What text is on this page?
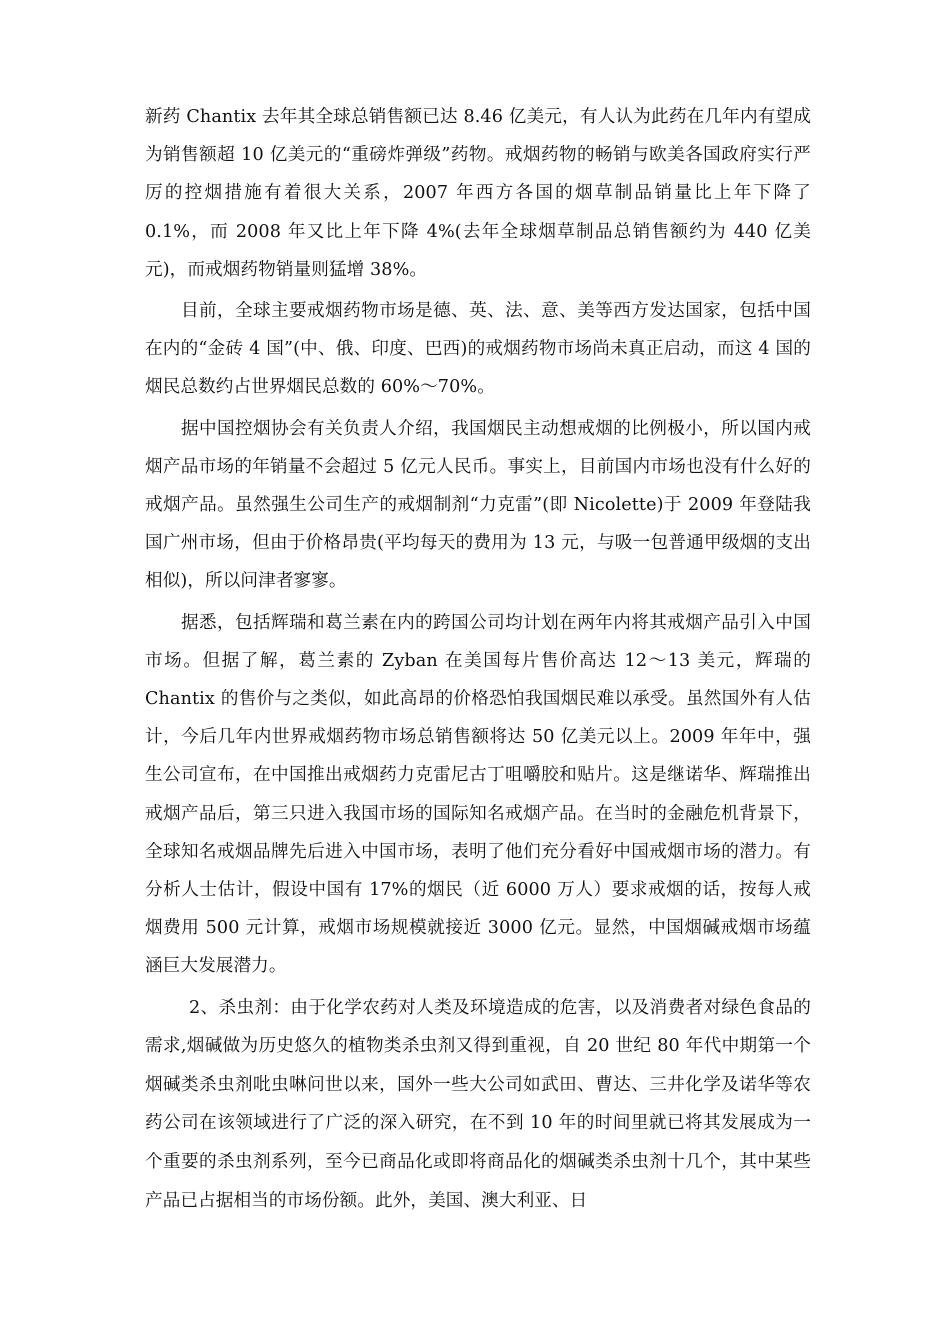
新药 Chantix 去年其全球总销售额已达 8.46 亿美元，有人认为此药在几年内有望成为销售额超 10 亿美元的“重磅炸弹级”药物。戒烟药物的畅销与欧美各国政府实行严厉的控烟措施有着很大关系，2007 年西方各国的烟草制品销量比上年下降了 0.1%，而 2008 年又比上年下降 4%(去年全球烟草制品总销售额约为 440 亿美元)，而戒烟药物销量则猛增 38%。

目前，全球主要戒烟药物市场是德、英、法、意、美等西方发达国家，包括中国在内的“金砖 4 国”(中、俄、印度、巴西)的戒烟药物市场尚未真正启动，而这 4 国的烟民总数约占世界烟民总数的 60%～70%。

据中国控烟协会有关负责人介绍，我国烟民主动想戒烟的比例极小，所以国内戒烟产品市场的年销量不会超过 5 亿元人民币。事实上，目前国内市场也没有什么好的戒烟产品。虽然强生公司生产的戒烟制剂“力克雷”(即 Nicolette)于 2009 年登陆我国广州市场，但由于价格昂贵(平均每天的费用为 13 元，与吸一包普通甲级烟的支出相似)，所以问津者寥寥。

据悉，包括辉瑞和葛兰素在内的跨国公司均计划在两年内将其戒烟产品引入中国市场。但据了解，葛兰素的 Zyban 在美国每片售价高达 12～13 美元，辉瑞的 Chantix 的售价与之类似，如此高昂的价格恐怕我国烟民难以承受。虽然国外有人估计，今后几年内世界戒烟药物市场总销售额将达 50 亿美元以上。2009 年年中，强生公司宣布，在中国推出戒烟药力克雷尼古丁咀嚼胶和贴片。这是继诺华、辉瑞推出戒烟产品后，第三只进入我国市场的国际知名戒烟产品。在当时的金融危机背景下，全球知名戒烟品牌先后进入中国市场，表明了他们充分看好中国戒烟市场的潜力。有分析人士估计，假设中国有 17%的烟民（近 6000 万人）要求戒烟的话，按每人戒烟费用 500 元计算，戒烟市场规模就接近 3000 亿元。显然，中国烟碱戒烟市场蕴涵巨大发展潜力。

2、杀虫剂：由于化学农药对人类及环境造成的危害，以及消费者对绿色食品的需求,烟碱做为历史悠久的植物类杀虫剂又得到重视，自 20 世纪 80 年代中期第一个烟碱类杀虫剂吡虫啉问世以来，国外一些大公司如武田、曹达、三井化学及诺华等农药公司在该领域进行了广泛的深入研究，在不到 10 年的时间里就已将其发展成为一个重要的杀虫剂系列，至今已商品化或即将商品化的烟碱类杀虫剂十几个，其中某些产品已占据相当的市场份额。此外，美国、澳大利亚、日
